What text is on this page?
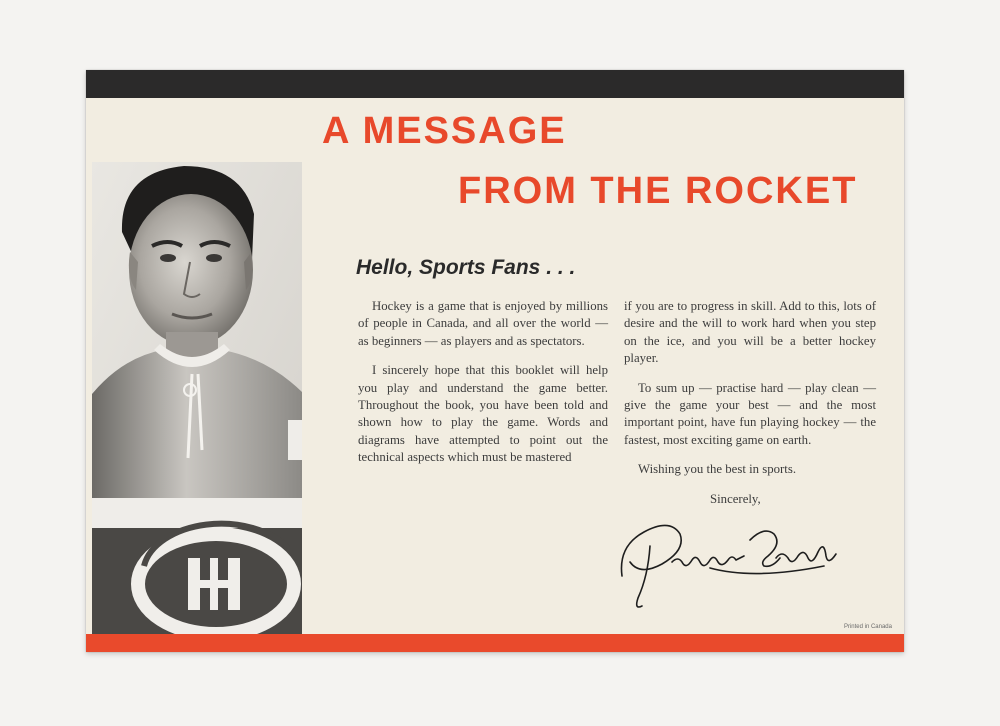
A MESSAGE
FROM THE ROCKET
Hello, Sports Fans . . .

Hockey is a game that is enjoyed by millions of people in Canada, and all over the world — as beginners — as players and as spectators.

I sincerely hope that this booklet will help you play and understand the game better. Throughout the book, you have been told and shown how to play the game. Words and diagrams have attempted to point out the technical aspects which must be mastered

if you are to progress in skill. Add to this, lots of desire and the will to work hard when you step on the ice, and you will be a better hockey player.

To sum up — practise hard — play clean — give the game your best — and the most important point, have fun playing hockey — the fastest, most exciting game on earth.

Wishing you the best in sports.

Sincerely,

Printed in Canada
